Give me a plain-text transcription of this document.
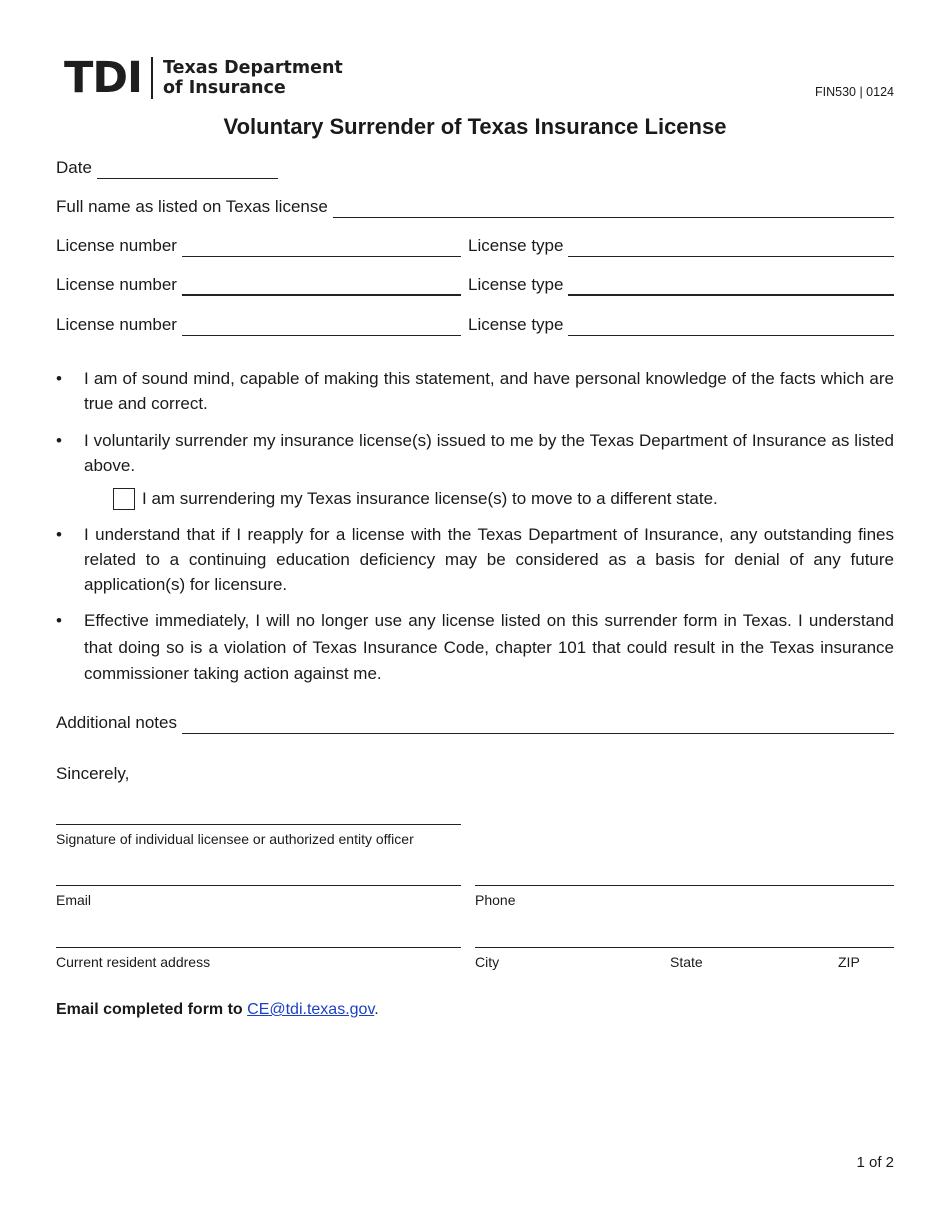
TDI Texas Department
of Insurance	FIN530 | 0124
Voluntary Surrender of Texas Insurance License
Date
Full name as listed on Texas license
License number	License type
License number	License type
License number	License type
• I am of sound mind, capable of making this statement, and have personal knowledge of the facts which are true and correct.
• I voluntarily surrender my insurance license(s) issued to me by the Texas Department of Insurance as listed above.
I am surrendering my Texas insurance license(s) to move to a different state.
• I understand that if I reapply for a license with the Texas Department of Insurance, any outstanding fines related to a continuing education deficiency may be considered as a basis for denial of any future application(s) for licensure.
• Effective immediately, I will no longer use any license listed on this surrender form in Texas. I understand that doing so is a violation of Texas Insurance Code, chapter 101 that could result in the Texas insurance commissioner taking action against me.
Additional notes
Sincerely,
Signature of individual licensee or authorized entity officer
Email	Phone
Current resident address	City	State	ZIP
Email completed form to CE@tdi.texas.gov.
1 of 2
